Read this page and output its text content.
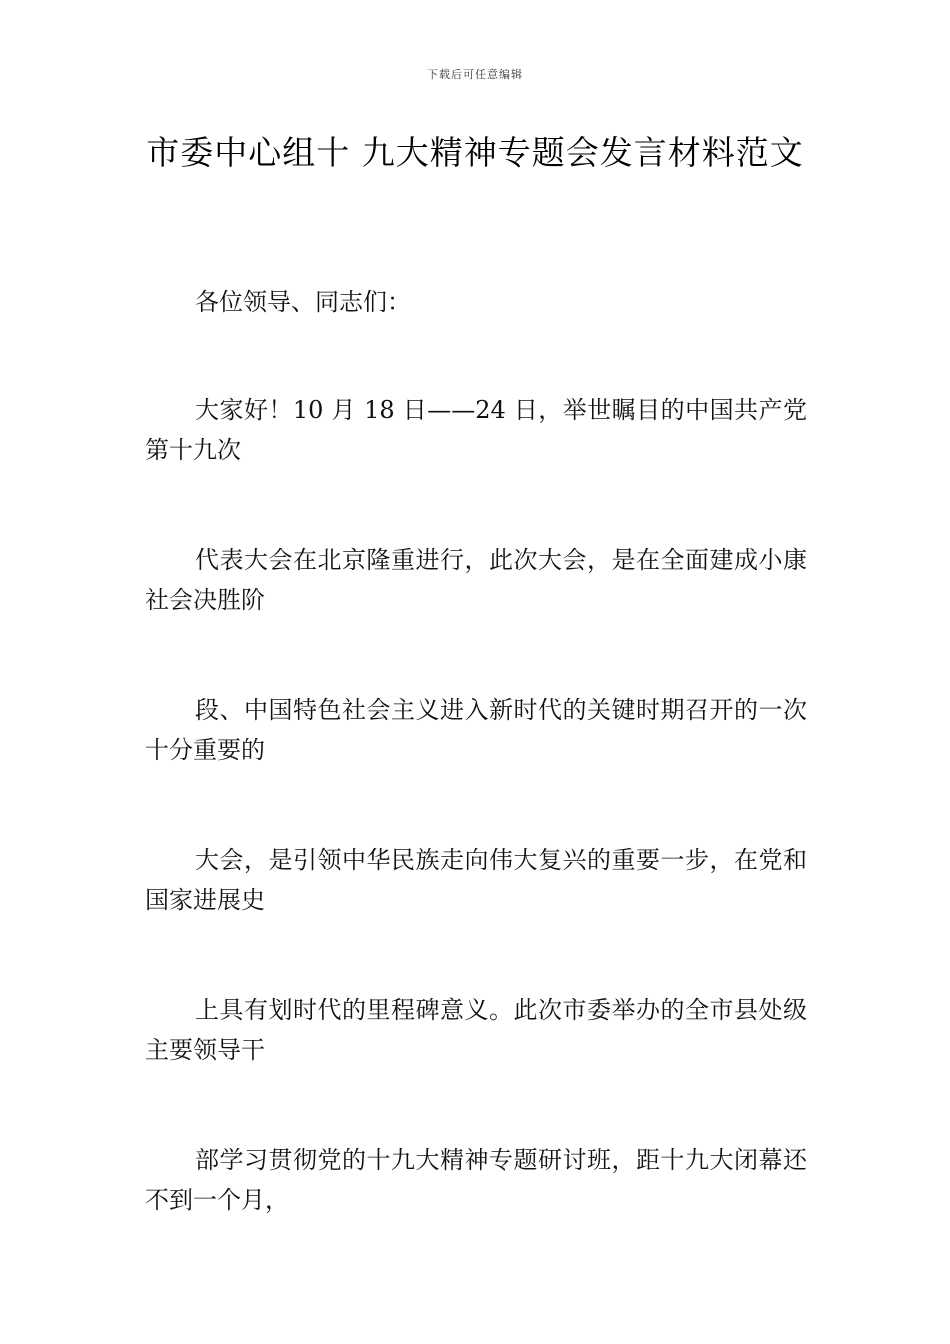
下载后可任意编辑
市委中心组十 九大精神专题会发言材料范文

各位领导、同志们：

大家好！10 月 18 日——24 日，举世瞩目的中国共产党第十九次

代表大会在北京隆重进行，此次大会，是在全面建成小康社会决胜阶

段、中国特色社会主义进入新时代的关键时期召开的一次十分重要的

大会，是引领中华民族走向伟大复兴的重要一步，在党和国家进展史

上具有划时代的里程碑意义。此次市委举办的全市县处级主要领导干

部学习贯彻党的十九大精神专题研讨班，距十九大闭幕还不到一个月，
